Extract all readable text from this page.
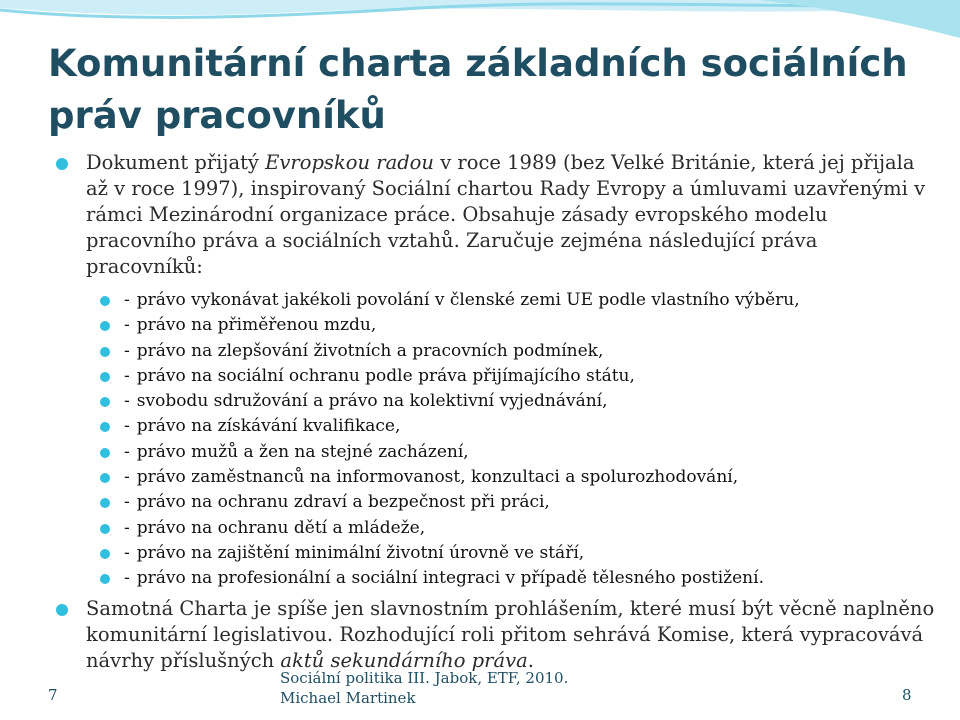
Komunitární charta základních sociálních práv pracovníků
Dokument přijatý Evropskou radou v roce 1989 (bez Velké Británie, která jej přijala až v roce 1997), inspirovaný Sociální chartou Rady Evropy a úmluvami uzavřenými v rámci Mezinárodní organizace práce. Obsahuje zásady evropského modelu pracovního práva a sociálních vztahů. Zaručuje zejména následující práva pracovníků:
- právo vykonávat jakékoli povolání v členské zemi UE podle vlastního výběru,
- právo na přiměřenou mzdu,
- právo na zlepšování životních a pracovních podmínek,
- právo na sociální ochranu podle práva přijímajícího státu,
- svobodu sdružování a právo na kolektivní vyjednávání,
- právo na získávání kvalifikace,
- právo mužů a žen na stejné zacházení,
- právo zaměstnanců na informovanost, konzultaci a spolurozhodování,
- právo na ochranu zdraví a bezpečnost při práci,
- právo na ochranu dětí a mládeže,
- právo na zajištění minimální životní úrovně ve stáří,
- právo na profesionální a sociální integraci v případě tělesného postižení.
Samotná Charta je spíše jen slavnostním prohlášením, které musí být věcně naplněno komunitární legislativou. Rozhodující roli přitom sehrává Komise, která vypracovává návrhy příslušných aktů sekundárního práva.
7
Sociální politika III. Jabok, ETF, 2010.
Michael Martinek	8
